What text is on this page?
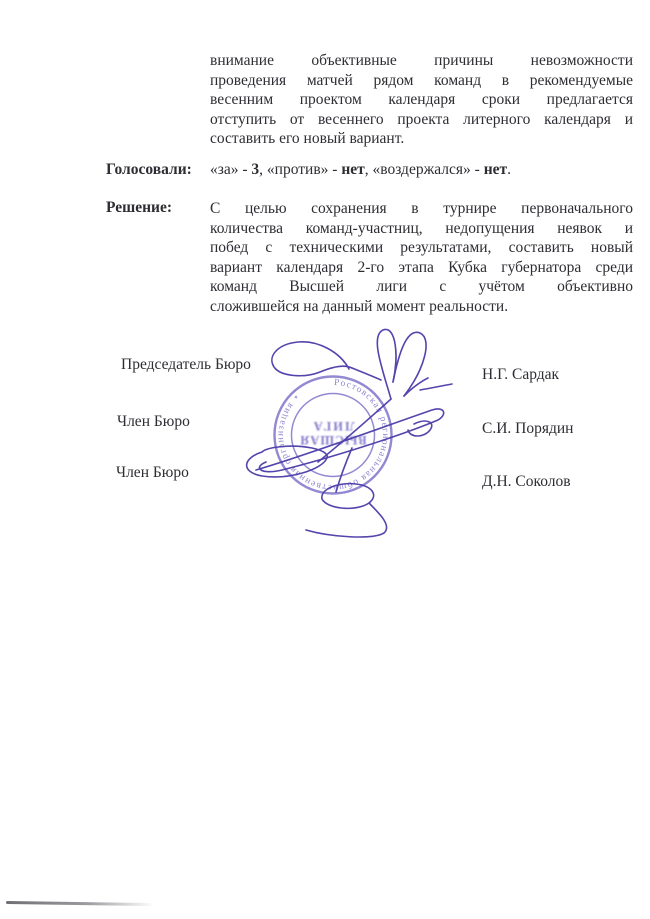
внимание объективные причины невозможности
проведения матчей рядом команд в рекомендуемые
весенним проектом календаря сроки предлагается
отступить от весеннего проекта литерного календаря и
составить его новый вариант.
Голосовали: «за» - 3, «против» - нет, «воздержался» - нет.
Решение: С целью сохранения в турнире первоначального
количества команд-участниц, недопущения неявок и
побед с техническими результатами, составить новый
вариант календаря 2-го этапа Кубка губернатора среди
команд Высшей лиги с учётом объективно
сложившейся на данный момент реальности.
Председатель Бюро
Н.Г. Сардак
Член Бюро	С.И. Порядин
Член Бюро
Д.Н. Соколов
Ростовская региональная общественная организация ⋆
ВЫСШАЯ
ЛИГА
